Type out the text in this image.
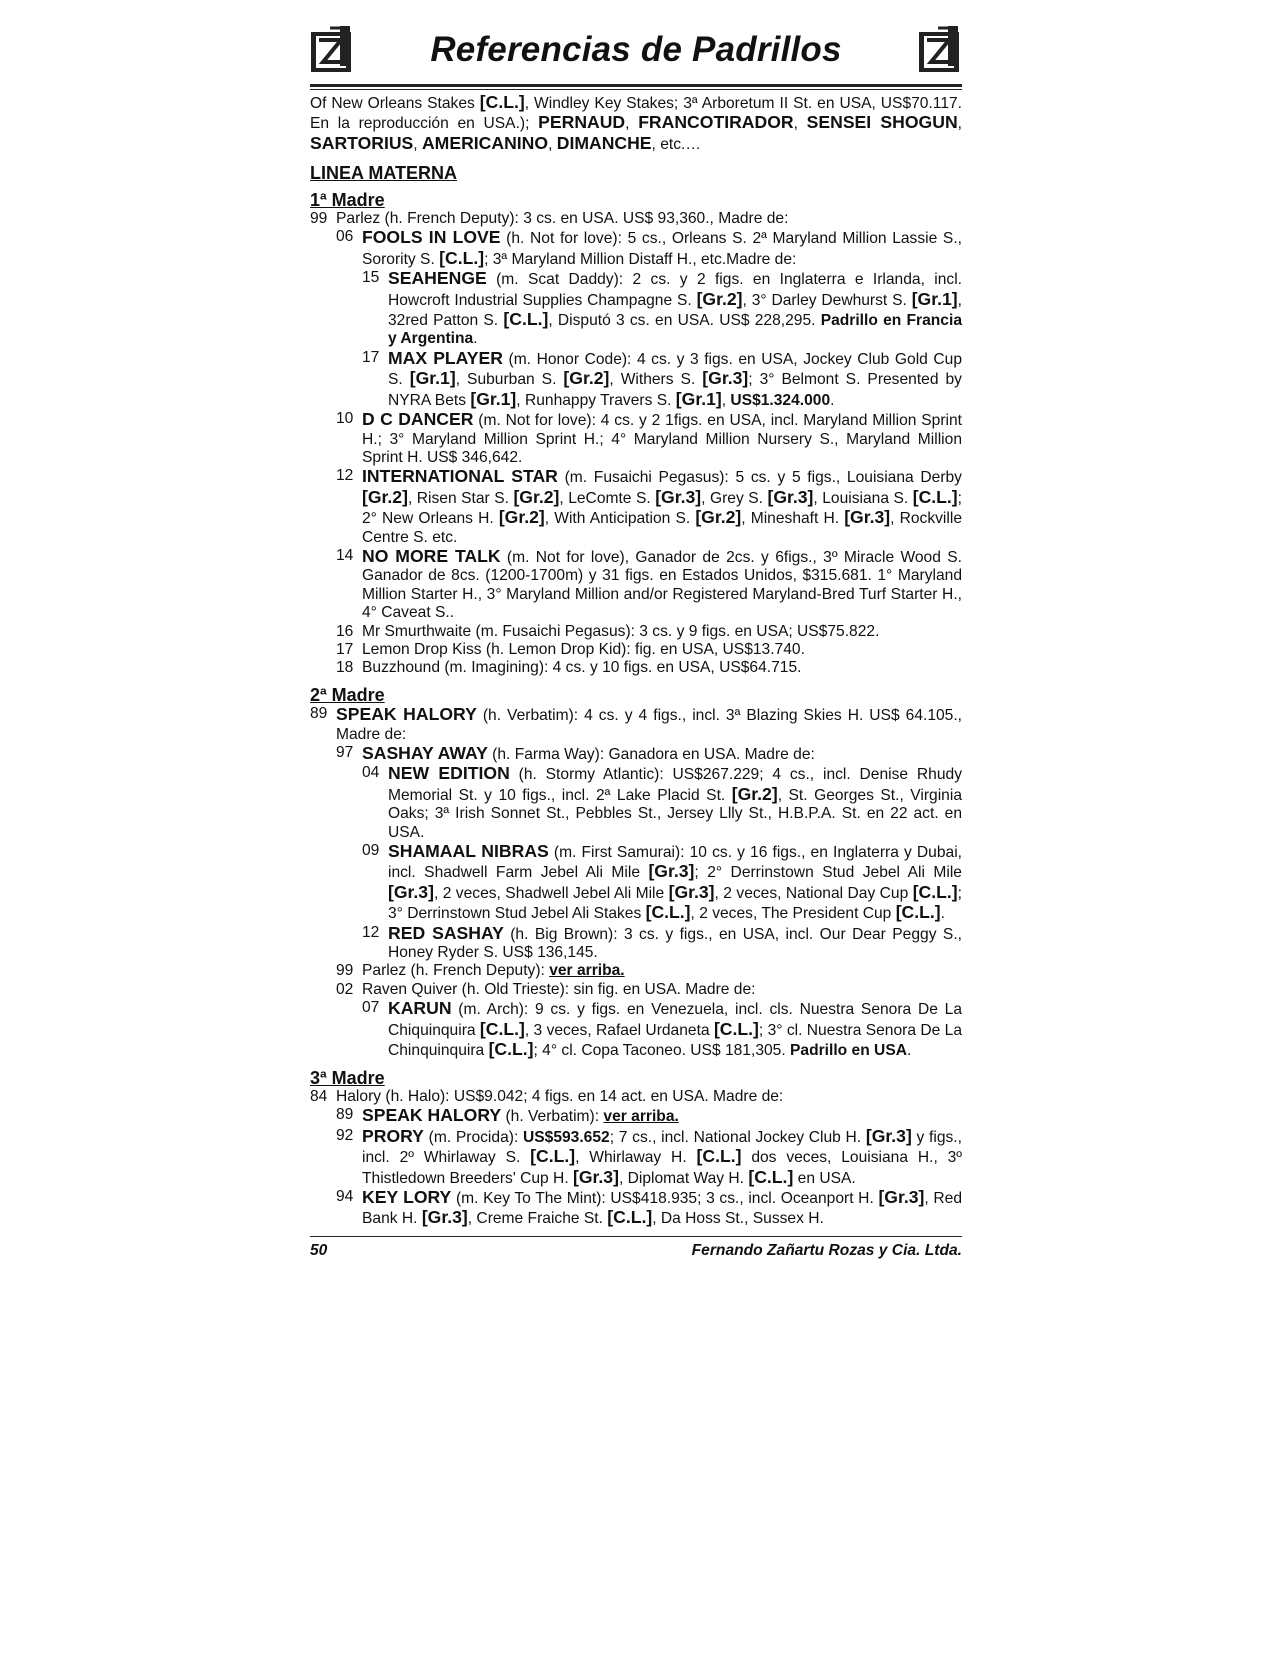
Referencias de Padrillos

Of New Orleans Stakes [C.L.], Windley Key Stakes; 3ª Arboretum II St. en USA, US$70.117. En la reproducción en USA.); PERNAUD, FRANCOTIRADOR, SENSEI SHOGUN, SARTORIUS, AMERICANINO, DIMANCHE, etc.…

LINEA MATERNA
1ª Madre
99 Parlez (h. French Deputy): 3 cs. en USA. US$ 93,360., Madre de:
06 FOOLS IN LOVE (h. Not for love): 5 cs., Orleans S. 2ª Maryland Million Lassie S., Sorority S. [C.L.]; 3ª Maryland Million Distaff H., etc.Madre de:
15 SEAHENGE (m. Scat Daddy): 2 cs. y 2 figs. en Inglaterra e Irlanda, incl. Howcroft Industrial Supplies Champagne S. [Gr.2], 3° Darley Dewhurst S. [Gr.1], 32red Patton S. [C.L.], Disputó 3 cs. en USA. US$ 228,295. Padrillo en Francia y Argentina.
17 MAX PLAYER (m. Honor Code): 4 cs. y 3 figs. en USA, Jockey Club Gold Cup S. [Gr.1], Suburban S. [Gr.2], Withers S. [Gr.3]; 3° Belmont S. Presented by NYRA Bets [Gr.1], Runhappy Travers S. [Gr.1], US$1.324.000.
10 D C DANCER (m. Not for love): 4 cs. y 2 1figs. en USA, incl. Maryland Million Sprint H.; 3° Maryland Million Sprint H.; 4° Maryland Million Nursery S., Maryland Million Sprint H. US$ 346,642.
12 INTERNATIONAL STAR (m. Fusaichi Pegasus): 5 cs. y 5 figs., Louisiana Derby [Gr.2], Risen Star S. [Gr.2], LeComte S. [Gr.3], Grey S. [Gr.3], Louisiana S. [C.L.]; 2° New Orleans H. [Gr.2], With Anticipation S. [Gr.2], Mineshaft H. [Gr.3], Rockville Centre S. etc.
14 NO MORE TALK (m. Not for love), Ganador de 2cs. y 6figs., 3º Miracle Wood S. Ganador de 8cs. (1200-1700m) y 31 figs. en Estados Unidos, $315.681. 1° Maryland Million Starter H., 3° Maryland Million and/or Registered Maryland-Bred Turf Starter H., 4° Caveat S..
16 Mr Smurthwaite (m. Fusaichi Pegasus): 3 cs. y 9 figs. en USA; US$75.822.
17 Lemon Drop Kiss (h. Lemon Drop Kid): fig. en USA, US$13.740.
18 Buzzhound (m. Imagining): 4 cs. y 10 figs. en USA, US$64.715.
2ª Madre
89 SPEAK HALORY (h. Verbatim): 4 cs. y 4 figs., incl. 3ª Blazing Skies H. US$ 64.105., Madre de:
97 SASHAY AWAY (h. Farma Way): Ganadora en USA. Madre de:
04 NEW EDITION (h. Stormy Atlantic): US$267.229; 4 cs., incl. Denise Rhudy Memorial St. y 10 figs., incl. 2ª Lake Placid St. [Gr.2], St. Georges St., Virginia Oaks; 3ª Irish Sonnet St., Pebbles St., Jersey Llly St., H.B.P.A. St. en 22 act. en USA.
09 SHAMAAL NIBRAS (m. First Samurai): 10 cs. y 16 figs., en Inglaterra y Dubai, incl. Shadwell Farm Jebel Ali Mile [Gr.3]; 2° Derrinstown Stud Jebel Ali Mile [Gr.3], 2 veces, Shadwell Jebel Ali Mile [Gr.3], 2 veces, National Day Cup [C.L.]; 3° Derrinstown Stud Jebel Ali Stakes [C.L.], 2 veces, The President Cup [C.L.].
12 RED SASHAY (h. Big Brown): 3 cs. y figs., en USA, incl. Our Dear Peggy S., Honey Ryder S. US$ 136,145.
99 Parlez (h. French Deputy): ver arriba.
02 Raven Quiver (h. Old Trieste): sin fig. en USA. Madre de:
07 KARUN (m. Arch): 9 cs. y figs. en Venezuela, incl. cls. Nuestra Senora De La Chiquinquira [C.L.], 3 veces, Rafael Urdaneta [C.L.]; 3° cl. Nuestra Senora De La Chinquinquira [C.L.]; 4° cl. Copa Taconeo. US$ 181,305. Padrillo en USA.
3ª Madre
84 Halory (h. Halo): US$9.042; 4 figs. en 14 act. en USA. Madre de:
89 SPEAK HALORY (h. Verbatim): ver arriba.
92 PRORY (m. Procida): US$593.652; 7 cs., incl. National Jockey Club H. [Gr.3] y figs., incl. 2º Whirlaway S. [C.L.], Whirlaway H. [C.L.] dos veces, Louisiana H., 3º Thistledown Breeders' Cup H. [Gr.3], Diplomat Way H. [C.L.] en USA.
94 KEY LORY (m. Key To The Mint): US$418.935; 3 cs., incl. Oceanport H. [Gr.3], Red Bank H. [Gr.3], Creme Fraiche St. [C.L.], Da Hoss St., Sussex H.
50	Fernando Zañartu Rozas y Cia. Ltda.
